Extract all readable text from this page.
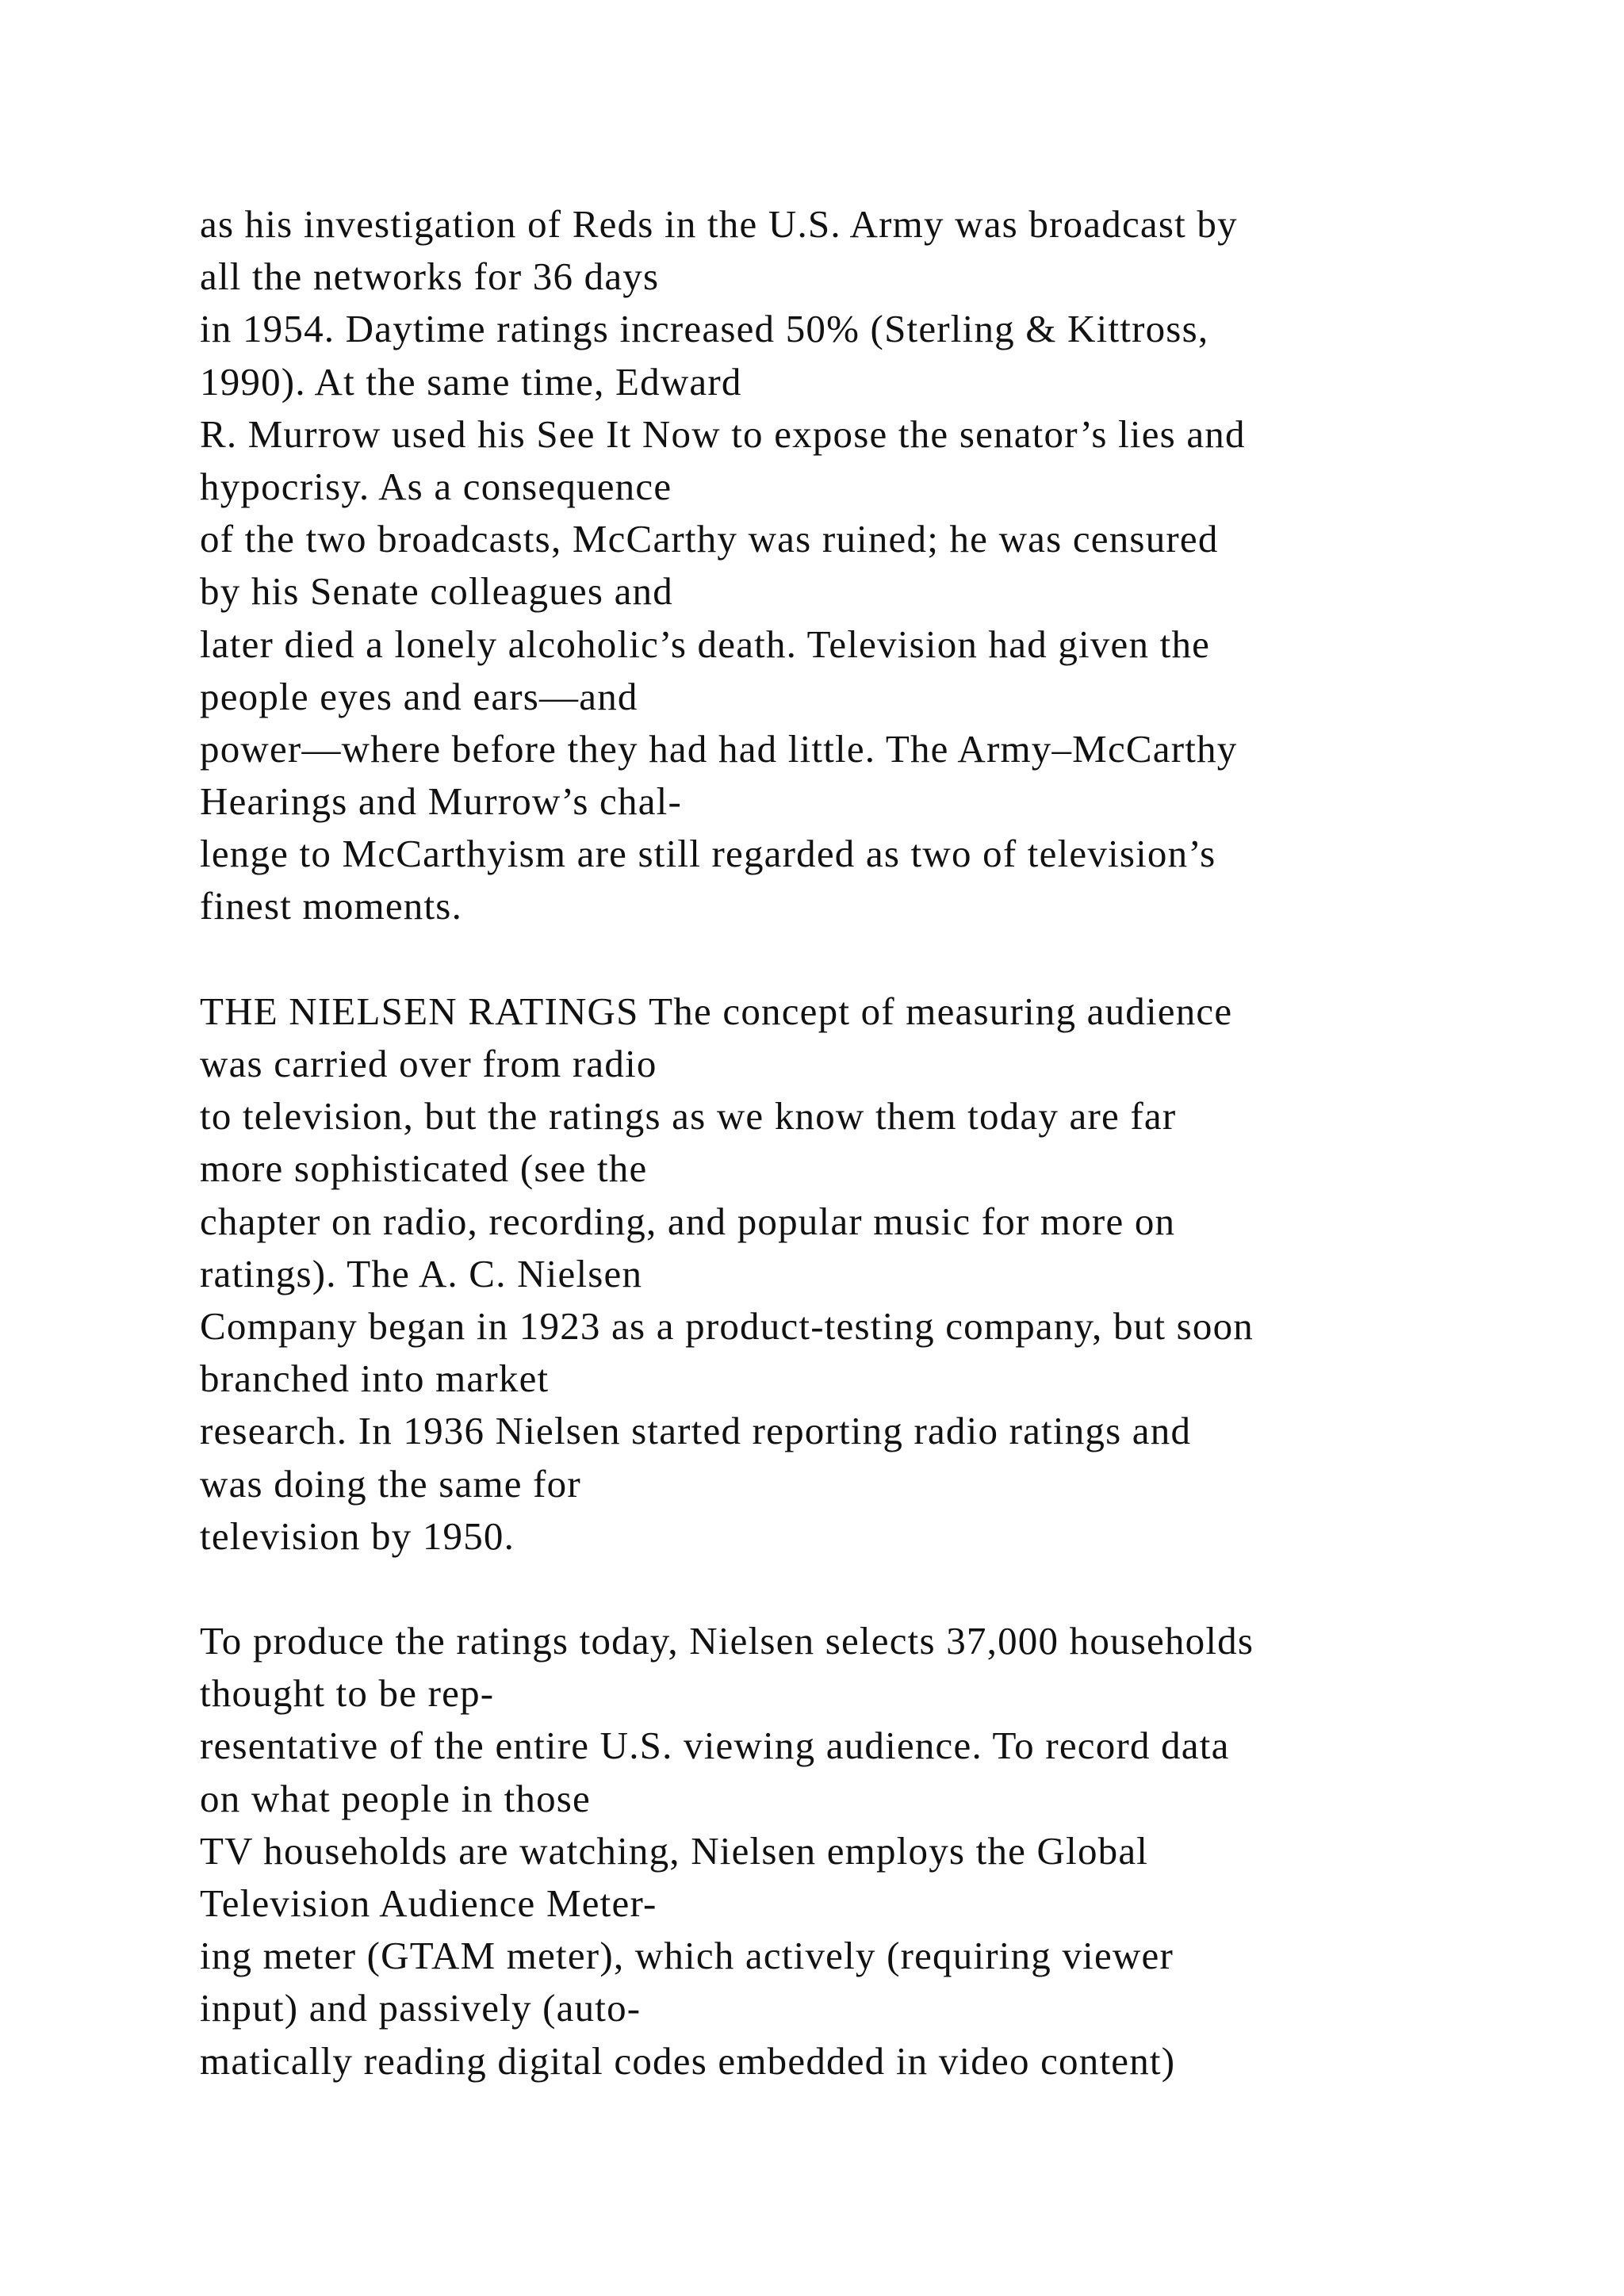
as his investigation of Reds in the U.S. Army was broadcast by
all the networks for 36 days
in 1954. Daytime ratings increased 50% (Sterling & Kittross,
1990). At the same time, Edward
R. Murrow used his See It Now to expose the senator’s lies and
hypocrisy. As a consequence
of the two broadcasts, McCarthy was ruined; he was censured
by his Senate colleagues and
later died a lonely alcoholic’s death. Television had given the
people eyes and ears—and
power—where before they had had little. The Army–McCarthy
Hearings and Murrow’s chal-
lenge to McCarthyism are still regarded as two of television’s
finest moments.
THE NIELSEN RATINGS The concept of measuring audience
was carried over from radio
to television, but the ratings as we know them today are far
more sophisticated (see the
chapter on radio, recording, and popular music for more on
ratings). The A. C. Nielsen
Company began in 1923 as a product-testing company, but soon
branched into market
research. In 1936 Nielsen started reporting radio ratings and
was doing the same for
television by 1950.
To produce the ratings today, Nielsen selects 37,000 households
thought to be rep-
resentative of the entire U.S. viewing audience. To record data
on what people in those
TV households are watching, Nielsen employs the Global
Television Audience Meter-
ing meter (GTAM meter), which actively (requiring viewer
input) and passively (auto-
matically reading digital codes embedded in video content)
